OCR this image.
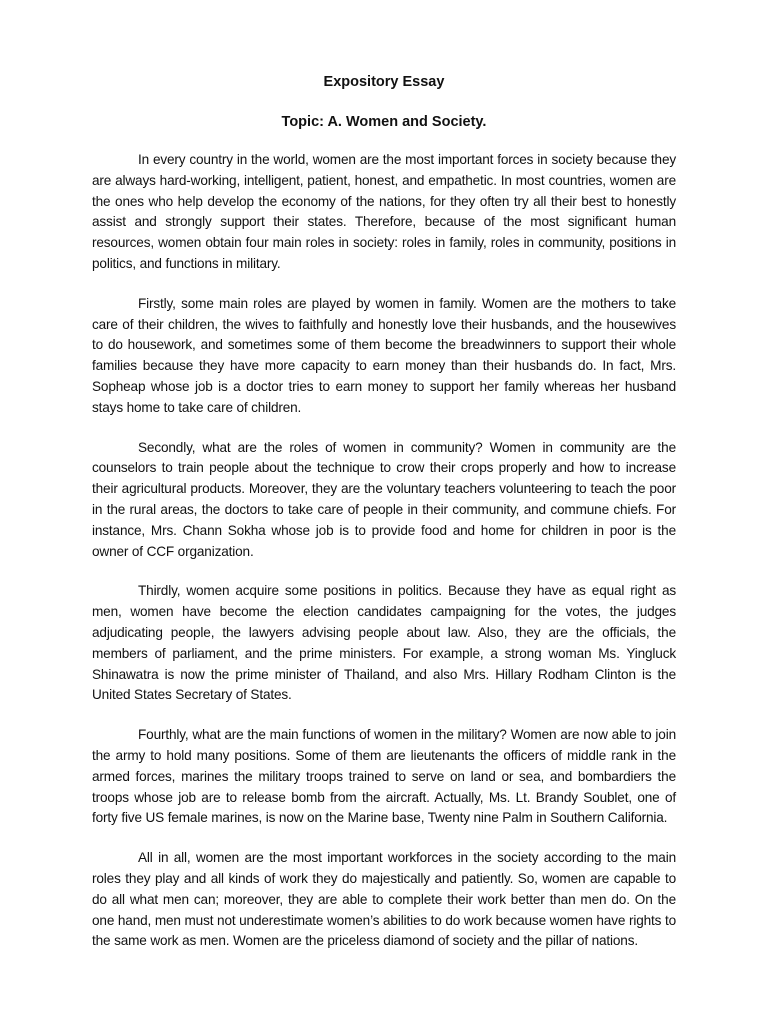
Expository Essay
Topic: A. Women and Society.

In every country in the world, women are the most important forces in society because they are always hard-working, intelligent, patient, honest, and empathetic. In most countries, women are the ones who help develop the economy of the nations, for they often try all their best to honestly assist and strongly support their states. Therefore, because of the most significant human resources, women obtain four main roles in society: roles in family, roles in community, positions in politics, and functions in military.

Firstly, some main roles are played by women in family. Women are the mothers to take care of their children, the wives to faithfully and honestly love their husbands, and the housewives to do housework, and sometimes some of them become the breadwinners to support their whole families because they have more capacity to earn money than their husbands do. In fact, Mrs. Sopheap whose job is a doctor tries to earn money to support her family whereas her husband stays home to take care of children.

Secondly, what are the roles of women in community? Women in community are the counselors to train people about the technique to crow their crops properly and how to increase their agricultural products. Moreover, they are the voluntary teachers volunteering to teach the poor in the rural areas, the doctors to take care of people in their community, and commune chiefs. For instance, Mrs. Chann Sokha whose job is to provide food and home for children in poor is the owner of CCF organization.

Thirdly, women acquire some positions in politics. Because they have as equal right as men, women have become the election candidates campaigning for the votes, the judges adjudicating people, the lawyers advising people about law. Also, they are the officials, the members of parliament, and the prime ministers. For example, a strong woman Ms. Yingluck Shinawatra is now the prime minister of Thailand, and also Mrs. Hillary Rodham Clinton is the United States Secretary of States.

Fourthly, what are the main functions of women in the military? Women are now able to join the army to hold many positions. Some of them are lieutenants the officers of middle rank in the armed forces, marines the military troops trained to serve on land or sea, and bombardiers the troops whose job are to release bomb from the aircraft. Actually, Ms. Lt. Brandy Soublet, one of forty five US female marines, is now on the Marine base, Twenty nine Palm in Southern California.

All in all, women are the most important workforces in the society according to the main roles they play and all kinds of work they do majestically and patiently. So, women are capable to do all what men can; moreover, they are able to complete their work better than men do. On the one hand, men must not underestimate women’s abilities to do work because women have rights to the same work as men. Women are the priceless diamond of society and the pillar of nations.
